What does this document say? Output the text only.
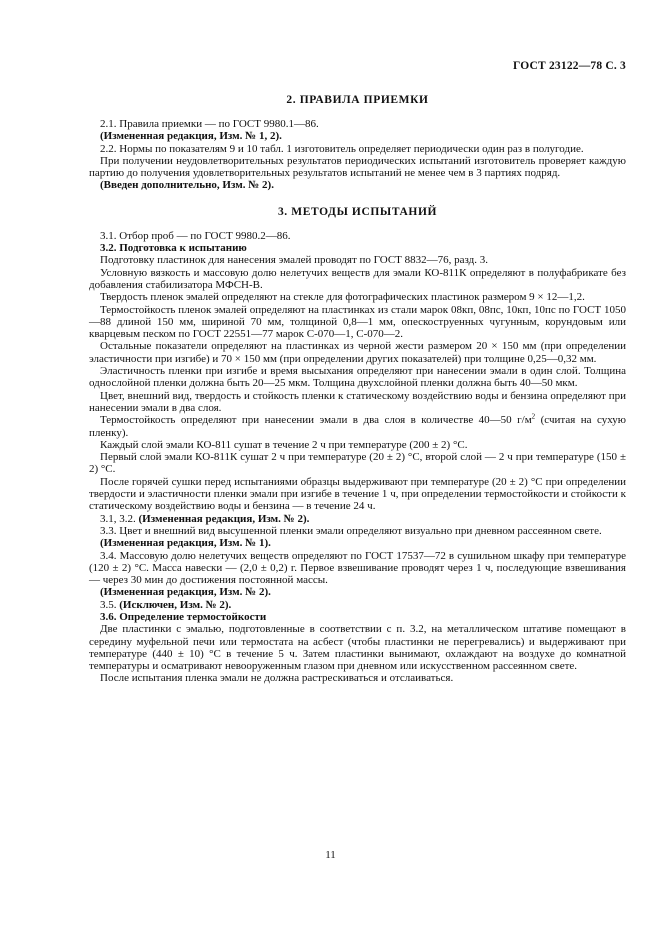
ГОСТ 23122—78 С. 3
2. ПРАВИЛА ПРИЕМКИ

2.1. Правила приемки — по ГОСТ 9980.1—86.

(Измененная редакция, Изм. № 1, 2).

2.2. Нормы по показателям 9 и 10 табл. 1 изготовитель определяет периодически один раз в полугодие.

При получении неудовлетворительных результатов периодических испытаний изготовитель проверяет каждую партию до получения удовлетворительных результатов испытаний не менее чем в 3 партиях подряд.

(Введен дополнительно, Изм. № 2).

3. МЕТОДЫ ИСПЫТАНИЙ

3.1. Отбор проб — по ГОСТ 9980.2—86.

3.2. Подготовка к испытанию

Подготовку пластинок для нанесения эмалей проводят по ГОСТ 8832—76, разд. 3.

Условную вязкость и массовую долю нелетучих веществ для эмали КО-811К определяют в полуфабрикате без добавления стабилизатора МФСН-В.

Твердость пленок эмалей определяют на стекле для фотографических пластинок размером 9 × 12—1,2.

Термостойкость пленок эмалей определяют на пластинках из стали марок 08кп, 08пс, 10кп, 10пс по ГОСТ 1050—88 длиной 150 мм, шириной 70 мм, толщиной 0,8—1 мм, опескоструенных чугунным, корундовым или кварцевым песком по ГОСТ 22551—77 марок С-070—1, С-070—2.

Остальные показатели определяют на пластинках из черной жести размером 20 × 150 мм (при определении эластичности при изгибе) и 70 × 150 мм (при определении других показателей) при толщине 0,25—0,32 мм.

Эластичность пленки при изгибе и время высыхания определяют при нанесении эмали в один слой. Толщина однослойной пленки должна быть 20—25 мкм. Толщина двухслойной пленки должна быть 40—50 мкм.

Цвет, внешний вид, твердость и стойкость пленки к статическому воздействию воды и бензина определяют при нанесении эмали в два слоя.

Термостойкость определяют при нанесении эмали в два слоя в количестве 40—50 $г/м^2$ (считая на сухую пленку).

Каждый слой эмали КО-811 сушат в течение 2 ч при температуре (200 ± 2) °С.

Первый слой эмали КО-811К сушат 2 ч при температуре (20 ± 2) °С, второй слой — 2 ч при температуре (150 ± 2) °С.

После горячей сушки перед испытаниями образцы выдерживают при температуре (20 ± 2) °С при определении твердости и эластичности пленки эмали при изгибе в течение 1 ч, при определении термостойкости и стойкости к статическому воздействию воды и бензина — в течение 24 ч.

3.1, 3.2. (Измененная редакция, Изм. № 2).

3.3. Цвет и внешний вид высушенной пленки эмали определяют визуально при дневном рассеянном свете.

(Измененная редакция, Изм. № 1).

3.4. Массовую долю нелетучих веществ определяют по ГОСТ 17537—72 в сушильном шкафу при температуре (120 ± 2) °С. Масса навески — (2,0 ± 0,2) г. Первое взвешивание проводят через 1 ч, последующие взвешивания — через 30 мин до достижения постоянной массы.

(Измененная редакция, Изм. № 2).

3.5. (Исключен, Изм. № 2).

3.6. Определение термостойкости

Две пластинки с эмалью, подготовленные в соответствии с п. 3.2, на металлическом штативе помещают в середину муфельной печи или термостата на асбест (чтобы пластинки не перегревались) и выдерживают при температуре (440 ± 10) °С в течение 5 ч. Затем пластинки вынимают, охлаждают на воздухе до комнатной температуры и осматривают невооруженным глазом при дневном или искусственном рассеянном свете.

После испытания пленка эмали не должна растрескиваться и отслаиваться.

11
